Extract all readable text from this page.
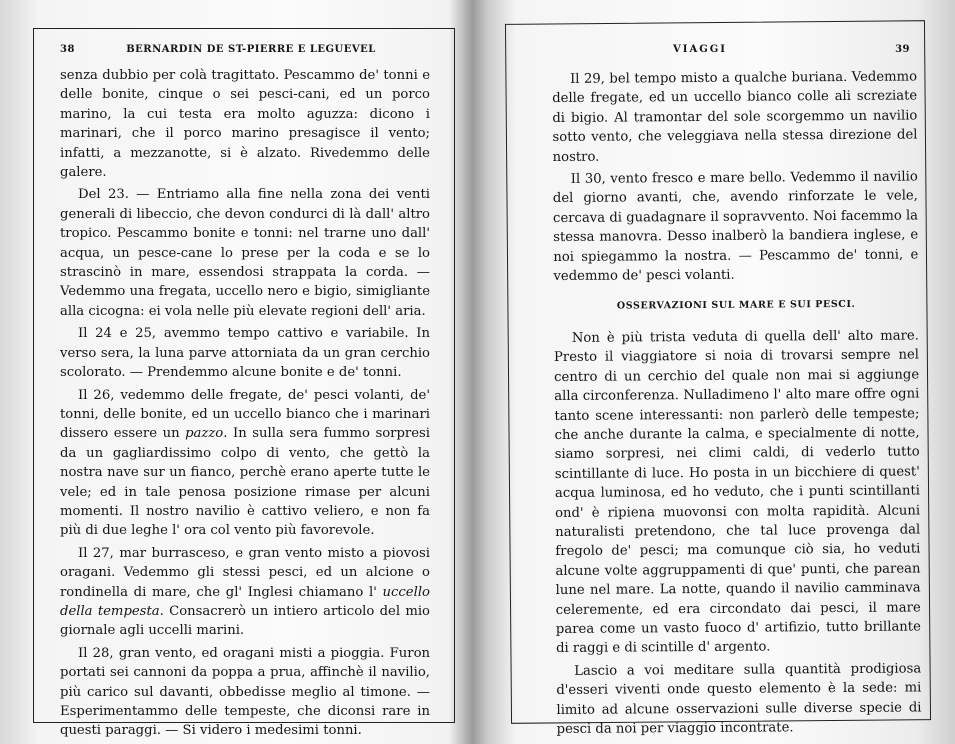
38	BERNARDIN DE ST-PIERRE E LEGUEVEL

senza dubbio per colà tragittato. Pescammo de' tonni e delle bonite, cinque o sei pesci-cani, ed un porco marino, la cui testa era molto aguzza: dicono i marinari, che il porco marino presagisce il vento; infatti, a mezzanotte, si è alzato. Rivedemmo delle galere.

Del 23. — Entriamo alla fine nella zona dei venti generali di libeccio, che devon condurci di là dall' altro tropico. Pescammo bonite e tonni: nel trarne uno dall' acqua, un pesce-cane lo prese per la coda e se lo strascinò in mare, essendosi strappata la corda. — Vedemmo una fregata, uccello nero e bigio, simigliante alla cicogna: ei vola nelle più elevate regioni dell' aria.

Il 24 e 25, avemmo tempo cattivo e variabile. In verso sera, la luna parve attorniata da un gran cerchio scolorato. — Prendemmo alcune bonite e de' tonni.

Il 26, vedemmo delle fregate, de' pesci volanti, de' tonni, delle bonite, ed un uccello bianco che i marinari dissero essere un pazzo. In sulla sera fummo sorpresi da un gagliardissimo colpo di vento, che gettò la nostra nave sur un fianco, perchè erano aperte tutte le vele; ed in tale penosa posizione rimase per alcuni momenti. Il nostro navilio è cattivo veliero, e non fa più di due leghe l' ora col vento più favorevole.

Il 27, mar burrasceso, e gran vento misto a piovosi oragani. Vedemmo gli stessi pesci, ed un alcione o rondinella di mare, che gl' Inglesi chiamano l' uccello della tempesta. Consacrerò un intiero articolo del mio giornale agli uccelli marini.

Il 28, gran vento, ed oragani misti a pioggia. Furon portati sei cannoni da poppa a prua, affinchè il navilio, più carico sul davanti, obbedisse meglio al timone. — Esperimentammo delle tempeste, che diconsi rare in questi paraggi. — Si videro i medesimi tonni.

VIAGGI	39

Il 29, bel tempo misto a qualche buriana. Vedemmo delle fregate, ed un uccello bianco colle ali screziate di bigio. Al tramontar del sole scorgemmo un navilio sotto vento, che veleggiava nella stessa direzione del nostro.

Il 30, vento fresco e mare bello. Vedemmo il navilio del giorno avanti, che, avendo rinforzate le vele, cercava di guadagnare il sopravvento. Noi facemmo la stessa manovra. Desso inalberò la bandiera inglese, e noi spiegammo la nostra. — Pescammo de' tonni, e vedemmo de' pesci volanti.

OSSERVAZIONI SUL MARE E SUI PESCI.

Non è più trista veduta di quella dell' alto mare. Presto il viaggiatore si noia di trovarsi sempre nel centro di un cerchio del quale non mai si aggiunge alla circonferenza. Nulladimeno l' alto mare offre ogni tanto scene interessanti: non parlerò delle tempeste; che anche durante la calma, e specialmente di notte, siamo sorpresi, nei climi caldi, di vederlo tutto scintillante di luce. Ho posta in un bicchiere di quest' acqua luminosa, ed ho veduto, che i punti scintillanti ond' è ripiena muovonsi con molta rapidità. Alcuni naturalisti pretendono, che tal luce provenga dal fregolo de' pesci; ma comunque ciò sia, ho veduti alcune volte aggruppamenti di que' punti, che parean lune nel mare. La notte, quando il navilio camminava celeremente, ed era circondato dai pesci, il mare parea come un vasto fuoco d' artifizio, tutto brillante di raggi e di scintille d' argento.

Lascio a voi meditare sulla quantità prodigiosa d'esseri viventi onde questo elemento è la sede: mi limito ad alcune osservazioni sulle diverse specie di pesci da noi per viaggio incontrate.
